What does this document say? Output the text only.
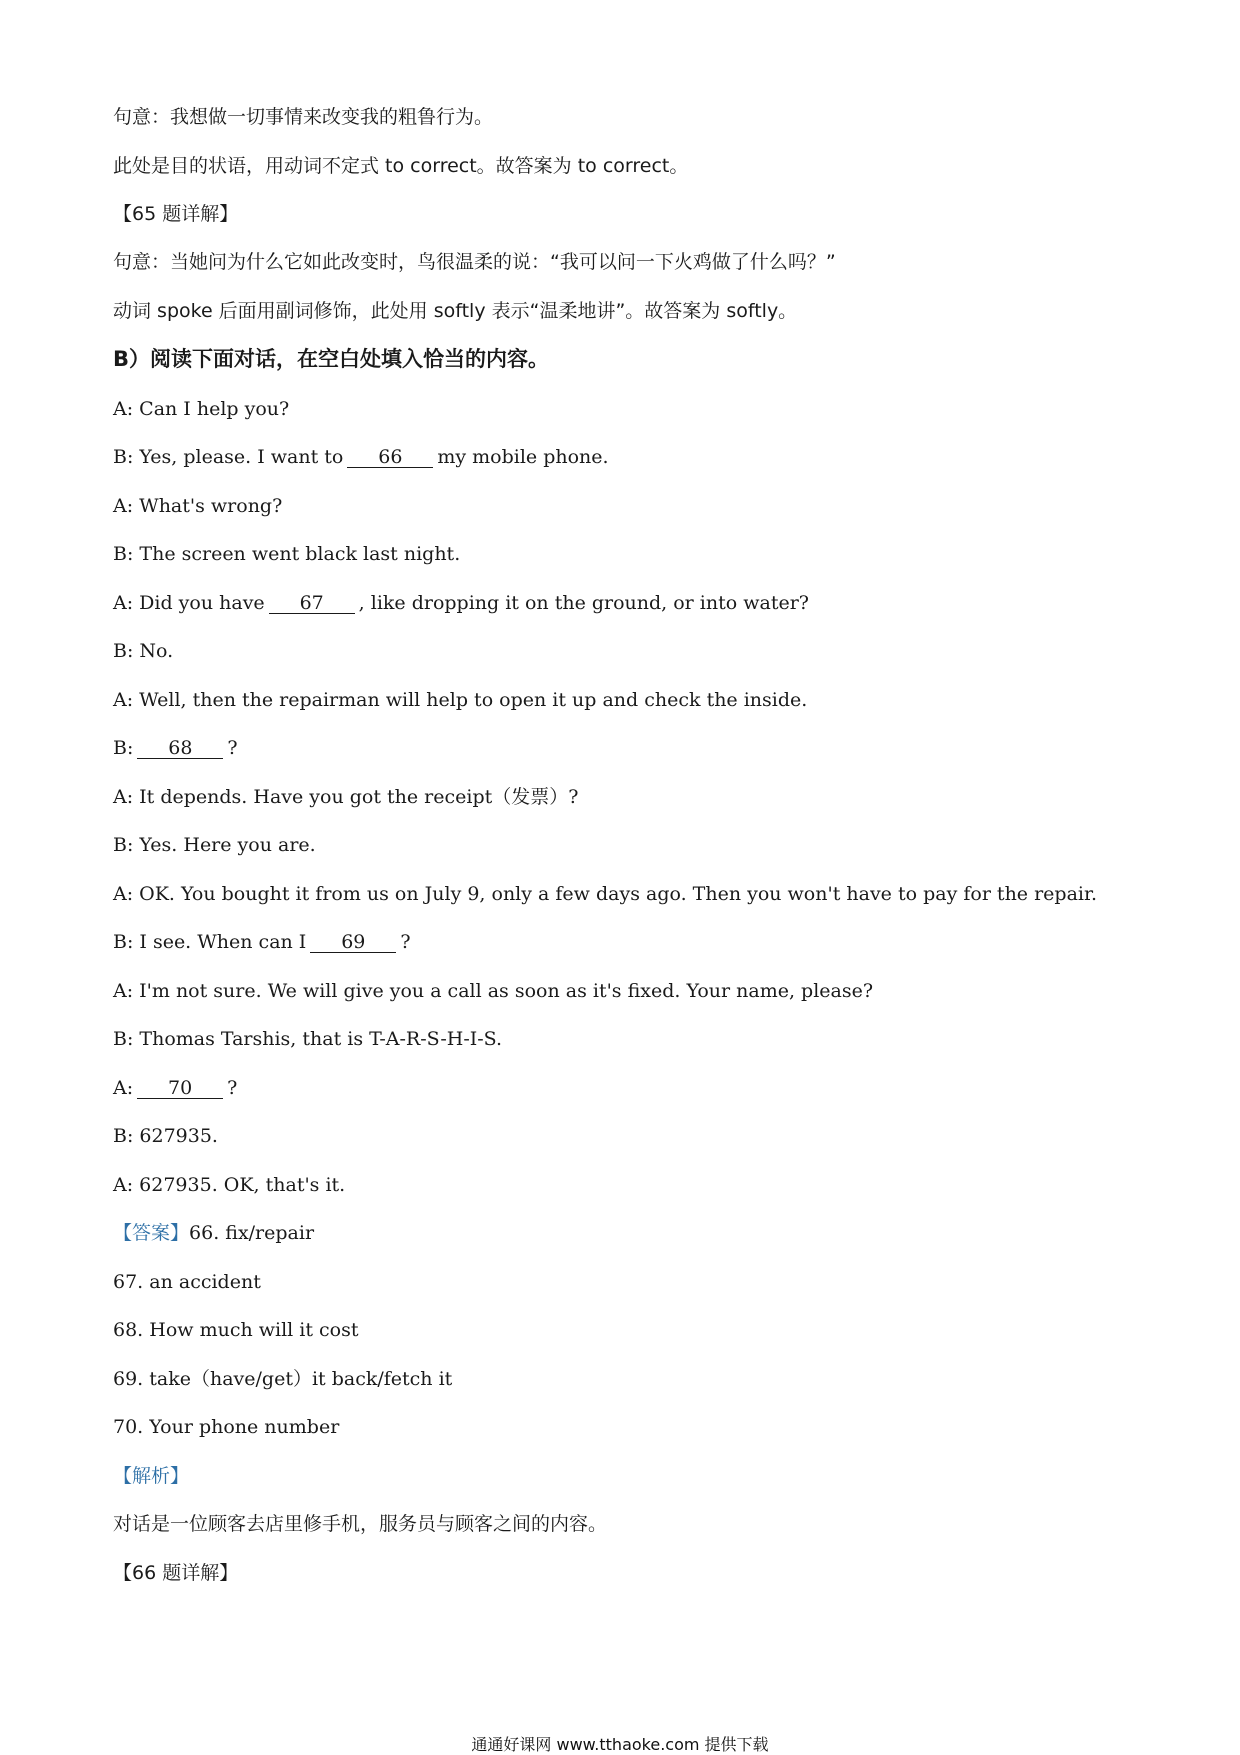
句意：我想做一切事情来改变我的粗鲁行为。
此处是目的状语，用动词不定式 to correct。故答案为 to correct。
【65 题详解】
句意：当她问为什么它如此改变时，鸟很温柔的说：“我可以问一下火鸡做了什么吗？”
动词 spoke 后面用副词修饰，此处用 softly 表示“温柔地讲”。故答案为 softly。
B）阅读下面对话，在空白处填入恰当的内容。
A: Can I help you?
B: Yes, please. I want to 66 my mobile phone.
A: What's wrong?
B: The screen went black last night.
A: Did you have 67 , like dropping it on the ground, or into water?
B: No.
A: Well, then the repairman will help to open it up and check the inside.
B: 68 ?
A: It depends. Have you got the receipt（发票）?
B: Yes. Here you are.
A: OK. You bought it from us on July 9, only a few days ago. Then you won't have to pay for the repair.
B: I see. When can I 69 ?
A: I'm not sure. We will give you a call as soon as it's fixed. Your name, please?
B: Thomas Tarshis, that is T-A-R-S-H-I-S.
A: 70 ?
B: 627935.
A: 627935. OK, that's it.
【答案】66. fix/repair
67. an accident
68. How much will it cost
69. take（have/get）it back/fetch it
70. Your phone number
【解析】
对话是一位顾客去店里修手机，服务员与顾客之间的内容。
【66 题详解】
通通好课网 www.tthaoke.com 提供下载
